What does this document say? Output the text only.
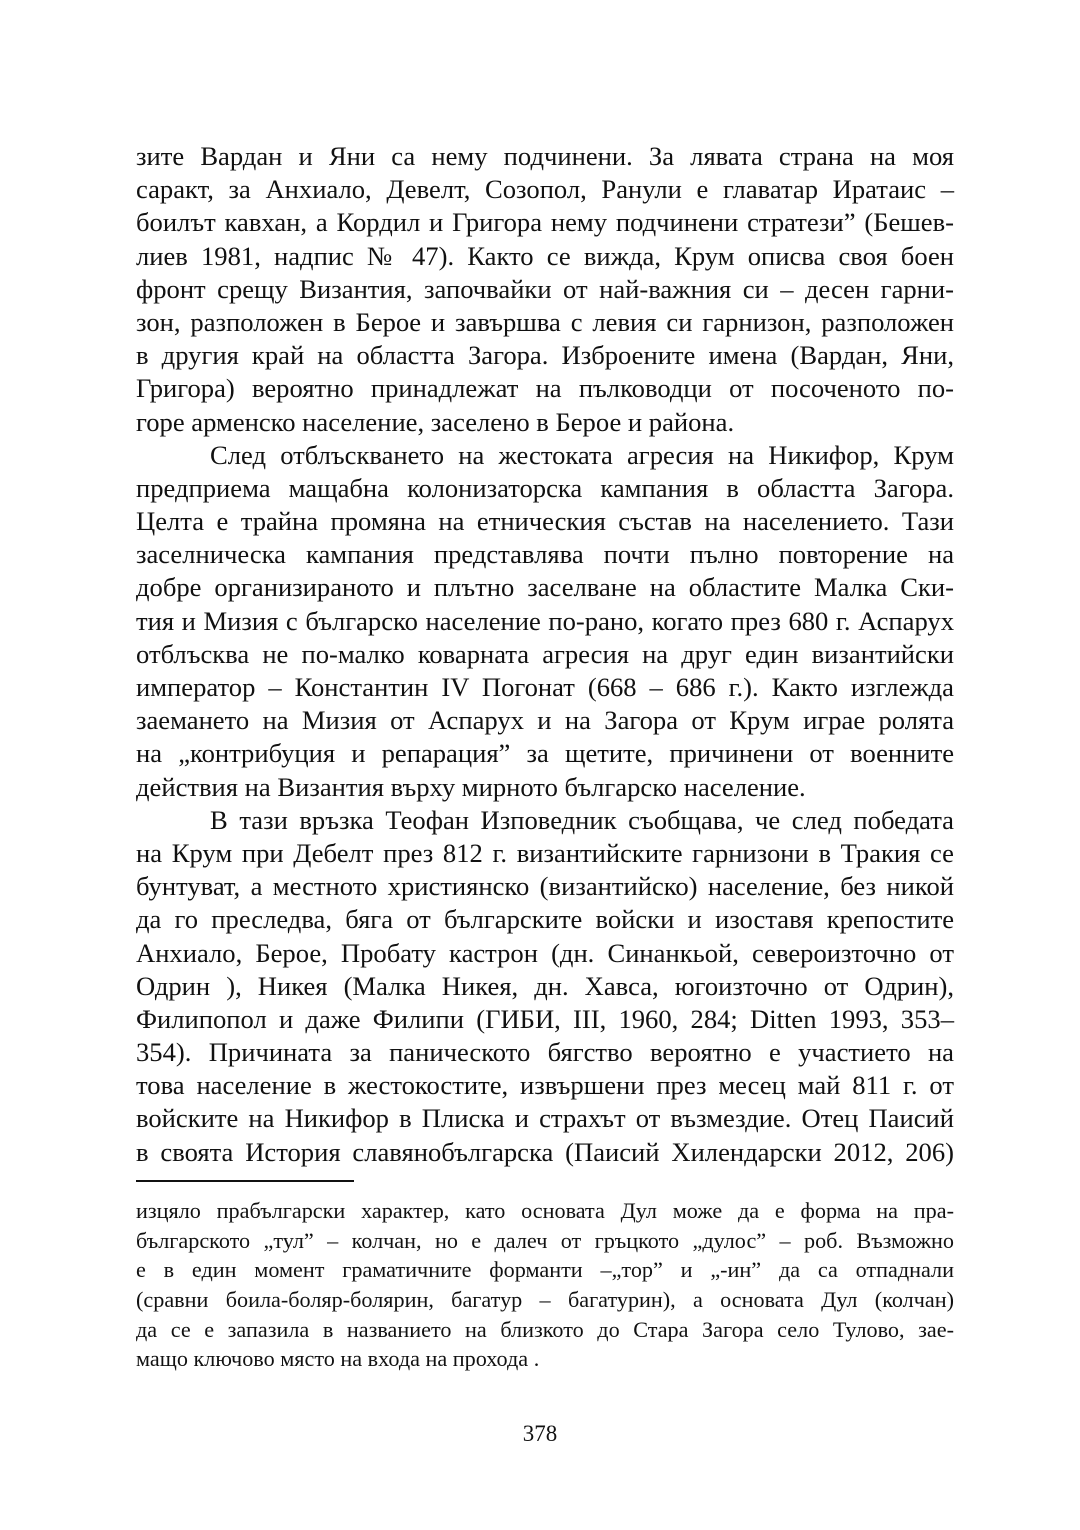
зите Вардан и Яни са нему подчинени. За лявата страна на моя
саракт, за Анхиало, Девелт, Созопол, Ранули е главатар Иратаис –
боилът кавхан, а Кордил и Григора нему подчинени стратези” (Бешев-
лиев 1981, надпис № 47). Както се вижда, Крум описва своя боен
фронт срещу Византия, започвайки от най-важния си – десен гарни-
зон, разположен в Бероe и завършва с левия си гарнизон, разположен
в другия край на областта Загора. Изброените имена (Вардан, Яни,
Григора) вероятно принадлежат на пълководци от посоченото по-
горе арменско население, заселено в Берое и района.
След отблъскването на жестоката агресия на Никифор, Крум
предприема мащабна колонизаторска кампания в областта Загора.
Целта е трайна промяна на етническия състав на населението. Тази
заселническа кампания представлява почти пълно повторение на
добре организираното и плътно заселване на областите Малка Ски-
тия и Мизия с българско население по-рано, когато през 680 г. Аспарух
отблъсква не по-малко коварната агресия на друг един византийски
император – Константин IV Погонат (668 – 686 г.). Както изглежда
заемането на Мизия от Аспарух и на Загора от Крум играе ролята
на „контрибуция и репарация” за щетите, причинени от военните
действия на Византия върху мирното българско население.
В тази връзка Теофан Изповедник съобщава, че след победата
на Крум при Дебелт през 812 г. византийските гарнизони в Тракия се
бунтуват, а местното християнско (византийско) население, без никой
да го преследва, бяга от българските войски и изоставя крепостите
Анхиало, Берое, Пробату кастрон (дн. Синанкьой, североизточно от
Одрин ), Никея (Малка Никея, дн. Хавса, югоизточно от Одрин),
Филипопол и даже Филипи (ГИБИ, III, 1960, 284; Ditten 1993, 353–
354). Причината за паническото бягство вероятно е участието на
това население в жестокостите, извършени през месец май 811 г. от
войските на Никифор в Плиска и страхът от възмездие. Отец Паисий
в своята История славянобългарска (Паисий Хилендарски 2012, 206)
изцяло прабългарски характер, като основата Дул може да е форма на пра-
българското „тул” – колчан, но е далеч от гръцкото „дулос” – роб. Възможно
е в един момент граматичните форманти –„тор” и „-ин” да са отпаднали
(сравни боила-боляр-болярин, багатур – багатурин), а основата Дул (колчан)
да се е запазила в названието на близкото до Стара Загора село Тулово, зае-
мащо ключово място на входа на прохода .
378
